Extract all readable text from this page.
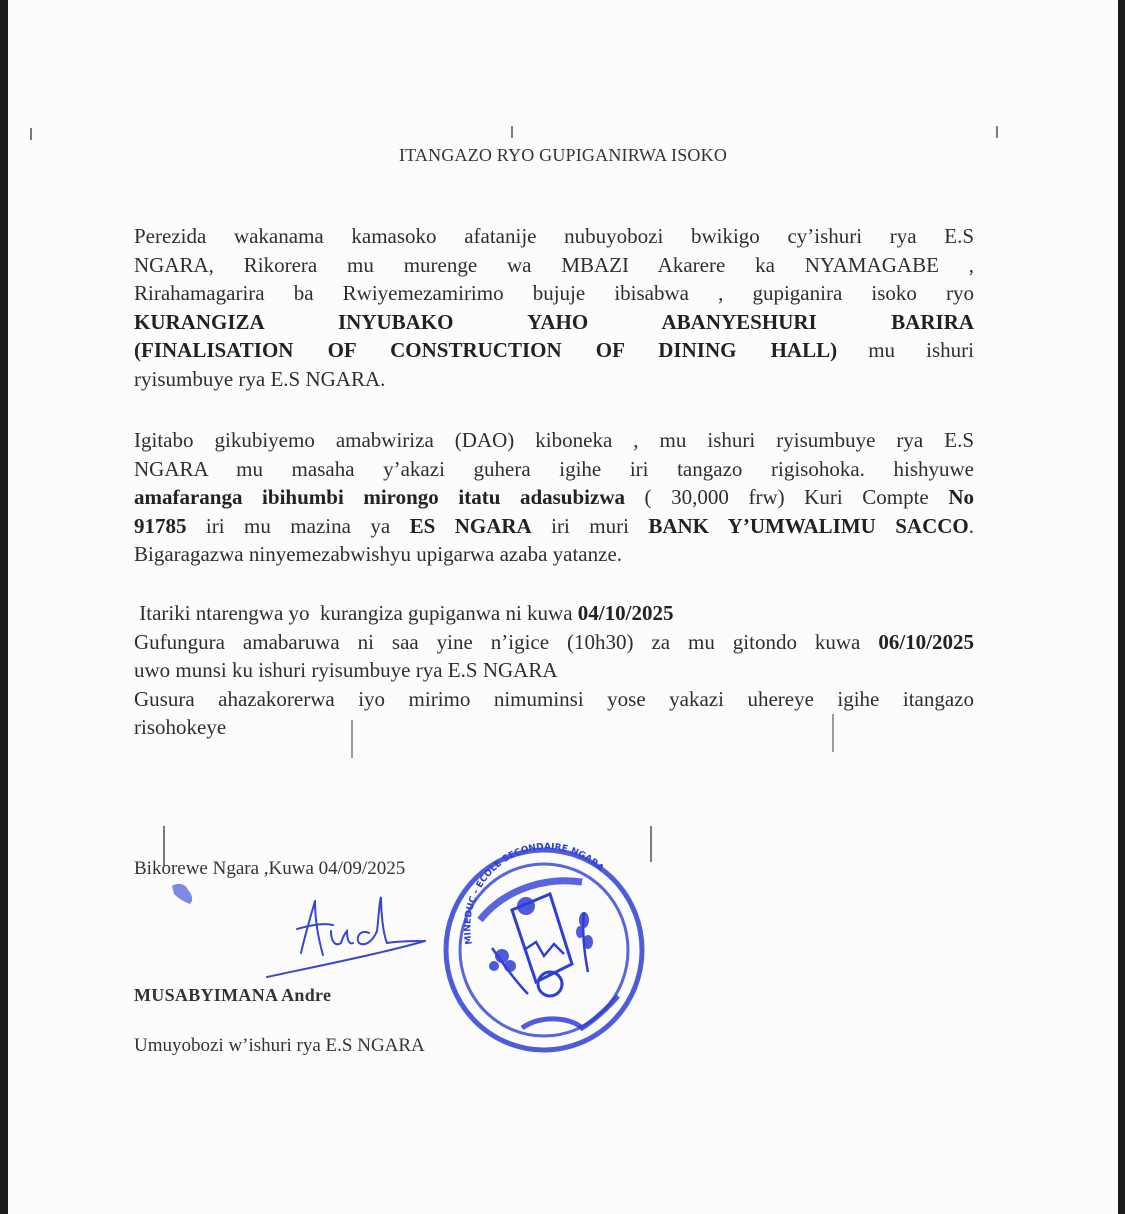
ITANGAZO RYO GUPIGANIRWA ISOKO
Perezida wakanama kamasoko afatanije nubuyobozi bwikigo cy’ishuri rya E.S
NGARA, Rikorera mu murenge wa MBAZI Akarere ka NYAMAGABE ,
Rirahamagarira ba Rwiyemezamirimo bujuje ibisabwa , gupiganira isoko ryo
KURANGIZA INYUBAKO YAHO ABANYESHURI BARIRA
(FINALISATION OF CONSTRUCTION OF DINING HALL) mu ishuri
ryisumbuye rya E.S NGARA.
Igitabo gikubiyemo amabwiriza (DAO) kiboneka , mu ishuri ryisumbuye rya E.S
NGARA mu masaha y’akazi guhera igihe iri tangazo rigisohoka. hishyuwe
amafaranga ibihumbi mirongo itatu adasubizwa ( 30,000 frw) Kuri Compte No
91785 iri mu mazina ya ES NGARA iri muri BANK Y’UMWALIMU SACCO.
Bigaragazwa ninyemezabwishyu upigarwa azaba yatanze.
Itariki ntarengwa yo  kurangiza gupiganwa ni kuwa 04/10/2025
Gufungura amabaruwa ni saa yine n’igice (10h30) za mu gitondo kuwa 06/10/2025
uwo munsi ku ishuri ryisumbuye rya E.S NGARA
Gusura ahazakorerwa iyo mirimo nimuminsi yose yakazi uhereye igihe itangazo
risohokeye
Bikorewe Ngara ,Kuwa 04/09/2025
MUSABYIMANA Andre
Umuyobozi w’ishuri rya E.S NGARA
MINEDUC - ECOLE SECONDAIRE NGARA
